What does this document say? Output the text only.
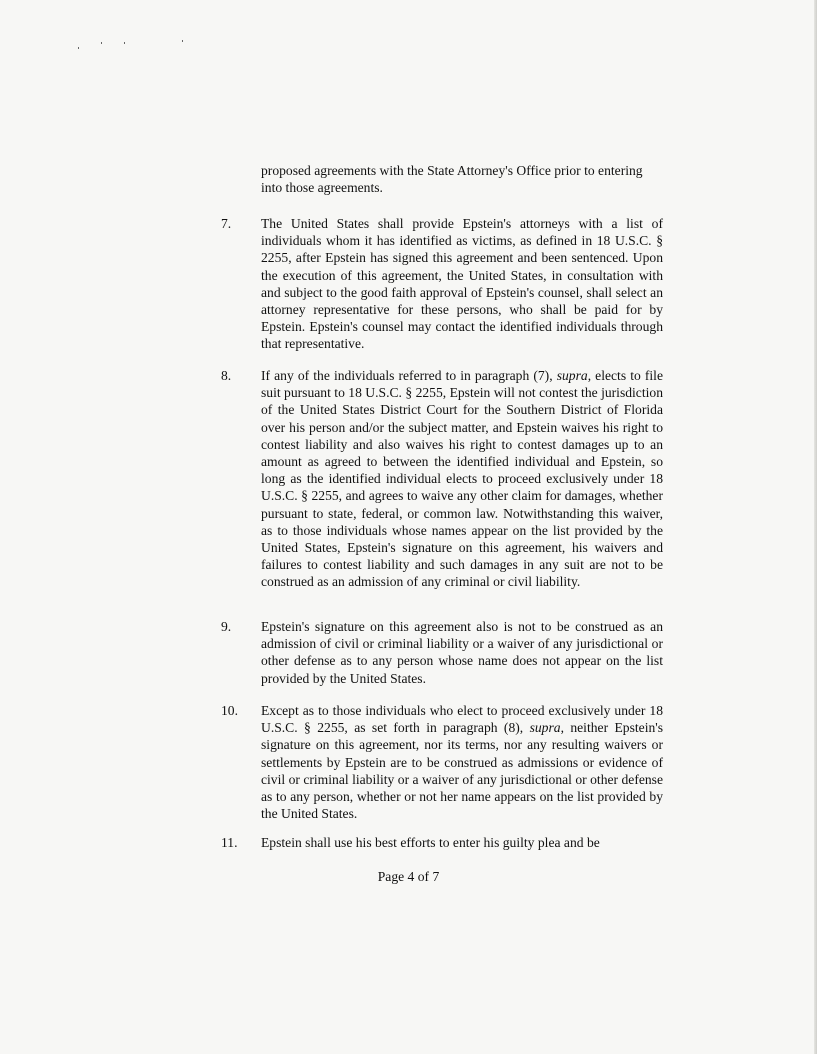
proposed agreements with the State Attorney's Office prior to entering into those agreements.
7.	The United States shall provide Epstein's attorneys with a list of individuals whom it has identified as victims, as defined in 18 U.S.C. § 2255, after Epstein has signed this agreement and been sentenced. Upon the execution of this agreement, the United States, in consultation with and subject to the good faith approval of Epstein's counsel, shall select an attorney representative for these persons, who shall be paid for by Epstein. Epstein's counsel may contact the identified individuals through that representative.
8.	If any of the individuals referred to in paragraph (7), supra, elects to file suit pursuant to 18 U.S.C. § 2255, Epstein will not contest the jurisdiction of the United States District Court for the Southern District of Florida over his person and/or the subject matter, and Epstein waives his right to contest liability and also waives his right to contest damages up to an amount as agreed to between the identified individual and Epstein, so long as the identified individual elects to proceed exclusively under 18 U.S.C. § 2255, and agrees to waive any other claim for damages, whether pursuant to state, federal, or common law. Notwithstanding this waiver, as to those individuals whose names appear on the list provided by the United States, Epstein's signature on this agreement, his waivers and failures to contest liability and such damages in any suit are not to be construed as an admission of any criminal or civil liability.
9.	Epstein's signature on this agreement also is not to be construed as an admission of civil or criminal liability or a waiver of any jurisdictional or other defense as to any person whose name does not appear on the list provided by the United States.
10.	Except as to those individuals who elect to proceed exclusively under 18 U.S.C. § 2255, as set forth in paragraph (8), supra, neither Epstein's signature on this agreement, nor its terms, nor any resulting waivers or settlements by Epstein are to be construed as admissions or evidence of civil or criminal liability or a waiver of any jurisdictional or other defense as to any person, whether or not her name appears on the list provided by the United States.
11.	Epstein shall use his best efforts to enter his guilty plea and be
Page 4 of 7
